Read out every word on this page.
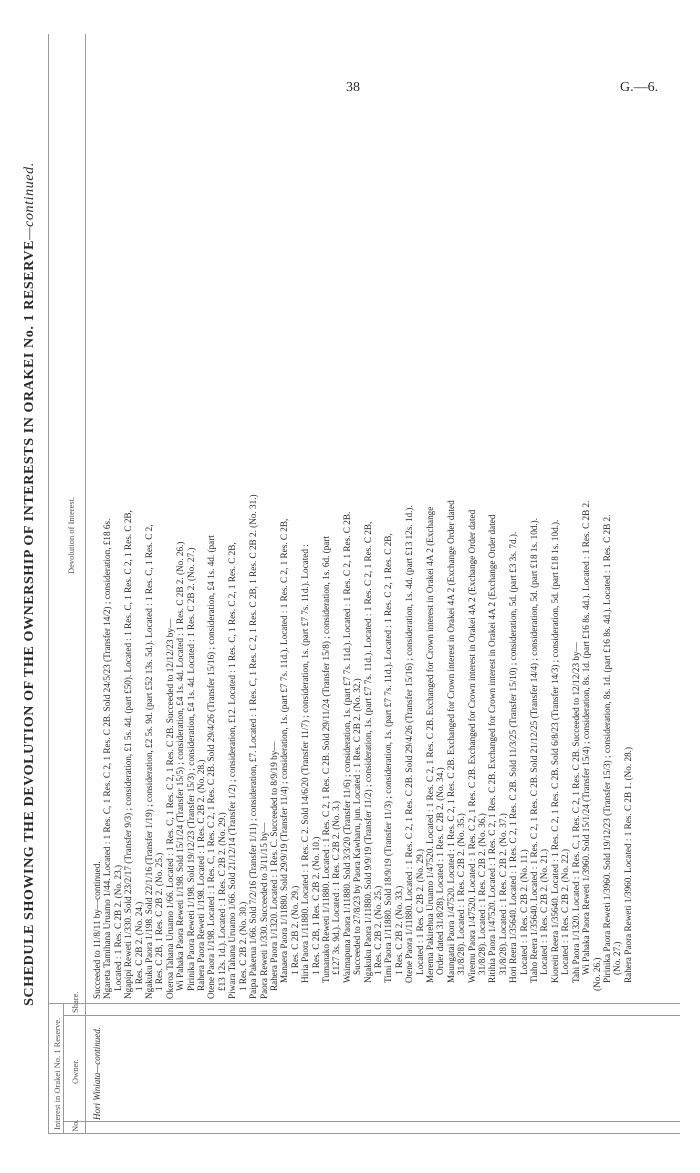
G.—6.
38
SCHEDULE SHOWING THE DEVOLUTION OF THE OWNERSHIP OF INTERESTS IN ORAKEI No. 1 RESERVE—continued.
Interest in Orakei No. 1 Reserve. No.
Owner.
Share.
Devolution of Interest.
Hori Winiata—continued.
Succeeded to 11/8/11 by—continued. Ngareta Tamihana Uruamo 1/44. Located : 1 Res. C, 1 Res. C 2, 1 Res. C 2B. Sold 24/5/23 (Transfer 14/2) ; consideration, £18 6s. Located : 1 Res. C 2B 2. (No. 23.) Ngapipi Reweti 1/330. Sold 23/2/17 (Transfer 9/3) ; consideration, £1 5s. 4d. (part £50). Located : 1 Res. C, 1 Res. C 2, 1 Res. C 2B, 1 Res. C 2B 2. (No. 24.) Ngakuku Paora 1/198. Sold 22/1/16 (Transfer 1/19) ; consideration, £2 5s. 9d. (part £52 13s. 5d.). Located : 1 Res. C, 1 Res. C 2, 1 Res. C 2B, 1 Res. C 2B 2. (No. 25.) Okeroa Tahana Uruamo 1/66. Located : 1 Res. C, 1 Res. C 2, 1 Res. C 2B. Succeeded to 12/12/23 by— Wi Pahaka Paora Reweti 1/198. Sold 15/1/24 (Transfer 15/5) ; consideration, £4 1s. 4d. Located : 1 Res. C 2B 2. (No. 26.) Pirinika Paora Reweti 1/198. Sold 19/12/23 (Transfer 15/3) ; consideration, £4 1s. 4d. Located : 1 Res. C 2B 2. (No. 27.) Rahera Paora Reweti 1/198. Located : 1 Res. C 2B 2. (No. 28.) Otene Paora 1/198. Located : 1 Res. C, 1 Res. C 2, 1 Res. C 2B. Sold 29/4/26 (Transfer 15/16) ; consideration, £4 1s. 4d. (part £13 12s. 1d.). Located : 1 Res. C 2B 2. (No. 29.) Piwara Tahana Uruamo 1/66. Sold 21/12/14 (Transfer 1/2) ; consideration, £12. Located : 1 Res. C, 1 Res. C 2, 1 Res. C 2B, 1 Res. C 2B 2. (No. 30.) Paipa Pakerua 1/66. Sold 7/2/16 (Transfer 1/11) ; consideration, £7. Located : 1 Res. C, 1 Res. C 2, 1 Res. C 2B, 1 Res. C 2B 2. (No. 31.) Paora Reweti 1/330. Succeeded to 3/11/15 by— Rahera Paora 1/1320. Located : 1 Res. C. Succeeded to 8/9/19 by— Manaera Paora 1/11880. Sold 29/9/19 (Transfer 11/4) ; consideration, 1s. (part £7 7s. 11d.). Located : 1 Res. C 2, 1 Res. C 2B, 1 Res. C 2B 2. (No. 29.) Hiria Paora 1/11880. Located : 1 Res. C 2. Sold 14/6/20 (Transfer 11/7) ; consideration, 1s. (part £7 7s. 11d.). Located : 1 Res. C 2B, 1 Res. C 2B 2. (No. 10.) Tumanako Reweti 1/11880. Located : 1 Res. C 2, 1 Res. C 2B. Sold 29/11/24 (Transfer 15/8) ; consideration, 1s. 6d. (part £127 3s. 9d.). Located : 1 Res. C 2B 2. (No. 3.) Waimapuna Paora 1/11880. Sold 3/3/20 (Transfer 11/6) ; consideration, 1s. (part £7 7s. 11d.). Located : 1 Res. C 2, 1 Res. C 2B. Succeeded to 27/8/23 by Paora Kawharu, jun. Located : 1 Res. C 2B 2. (No. 32.) Ngakuku Paora 1/11880. Sold 9/9/19 (Transfer 11/2) ; consideration, 1s. (part £7 7s. 11d.). Located : 1 Res. C 2, 1 Res. C 2B, 1 Res. C 2B 2. (No. 25.) Timi Paora 1/11880. Sold 18/9/19 (Transfer 11/3) ; consideration, 1s. (part £7 7s. 11d.). Located : 1 Res. C 2, 1 Res. C 2B, 1 Res. C 2B 2. (No. 33.) Otene Paora 1/11880. Located : 1 Res. C 2, 1 Res. C 2B. Sold 29/4/26 (Transfer 15/16) ; consideration, 1s. 4d. (part £13 12s. 1d.). Located : 1 Res. C 2B 2. (No. 29.) Merema Pakirehua Uruamo 1/47520. Located : 1 Res. C 2, 1 Res. C 2B. Exchanged for Crown interest in Orakei 4A 2 (Exchange Order dated 31/8/28). Located : 1 Res. C 2B 2. (No. 34.) Maungatai Paora 1/47520. Located : 1 Res. C 2, 1 Res. C 2B. Exchanged for Crown interest in Orakei 4A 2 (Exchange Order dated 31/8/28). Located : 1 Res. C 2B 2. (No. 35.) Wiremu Paora 1/47520. Located : 1 Res. C 2, 1 Res. C 2B. Exchanged for Crown interest in Orakei 4A 2 (Exchange Order dated 31/8/28). Located : 1 Res. C 2B 2. (No. 36.) Ritihia Paora 1/47520. Located : 1 Res. C 2, 1 Res. C 2B. Exchanged for Crown interest in Orakei 4A 2 (Exchange Order dated 31/8/28). Located : 1 Res. C 2B 2. (No. 37.) Hori Reera 1/35640. Located : 1 Res. C 2, 1 Res. C 2B. Sold 11/3/25 (Transfer 15/10) ; consideration, 5d. (part £3 3s. 7d.). Located : 1 Res. C 2B 2. (No. 11.) Tiaho Reera 1/35640. Located : 1 Res. C 2, 1 Res. C 2B. Sold 21/12/25 (Transfer 14/4) ; consideration, 5d. (part £18 1s. 10d.). Located : 1 Res. C 2B 2. (No. 21.) Kioreiti Reera 1/35640. Located : 1 Res. C 2, 1 Res. C 2B. Sold 6/8/23 (Transfer 14/3) ; consideration, 5d. (part £18 1s. 10d.). Located : 1 Res. C 2B 2. (No. 22.) Tahi Paora 1/1320. Located : 1 Res. C, 1 Res. C 2, 1 Res. C 2B. Succeeded to 12/12/23 by— Wi Pahaka Paora Reweti 1/3960. Sold 15/1/24 (Transfer 15/4) ; consideration, 8s. 1d. (part £16 8s. 4d.). Located : 1 Res. C 2B 2. (No. 26.) Pirinika Paora Reweti 1/3960. Sold 19/12/23 (Transfer 15/3) ; consideration, 8s. 1d. (part £16 8s. 4d.). Located : 1 Res. C 2B 2. (No. 27.) Rahera Paora Reweti 1/3960. Located : 1 Res. C 2B 1. (No. 28.)
